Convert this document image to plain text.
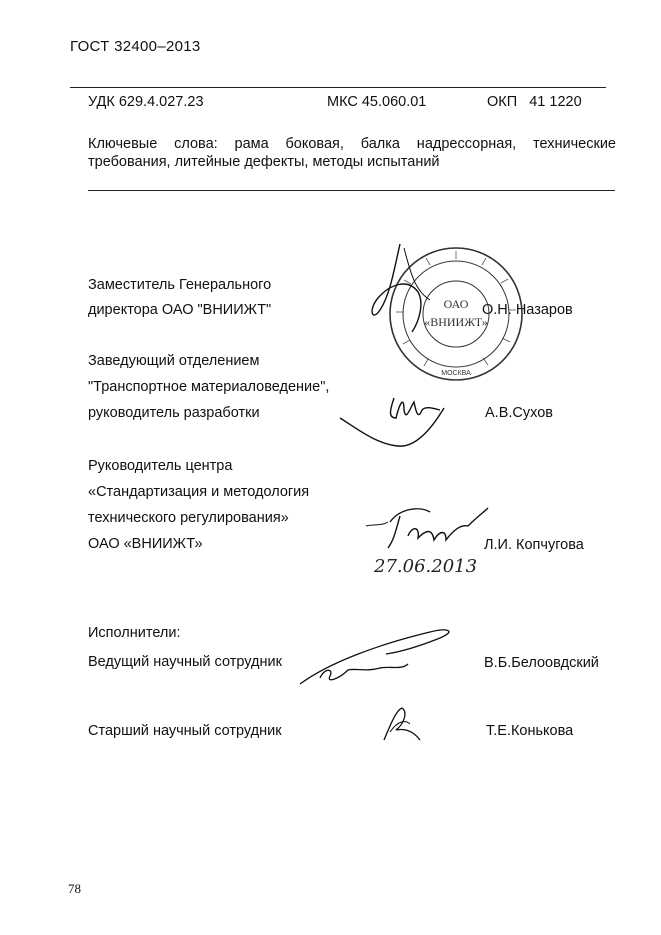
ГОСТ 32400–2013
УДК 629.4.027.23	МКС 45.060.01	ОКП   41 1220
Ключевые слова: рама боковая, балка надрессорная, технические
требования, литейные дефекты, методы испытаний
Заместитель Генерального
директора ОАО "ВНИИЖТ"	О.Н. Назаров
Заведующий отделением
"Транспортное материаловедение",
руководитель разработки	А.В.Сухов
Руководитель центра
«Стандартизация и методология
технического регулирования»
ОАО «ВНИИЖТ»	Л.И. Копчугова
Исполнители:
Ведущий научный сотрудник	В.Б.Белоовдский
Старший научный сотрудник	Т.Е.Конькова
78
ОАО
«ВНИИЖТ»
МОСКВА
27.06.2013
